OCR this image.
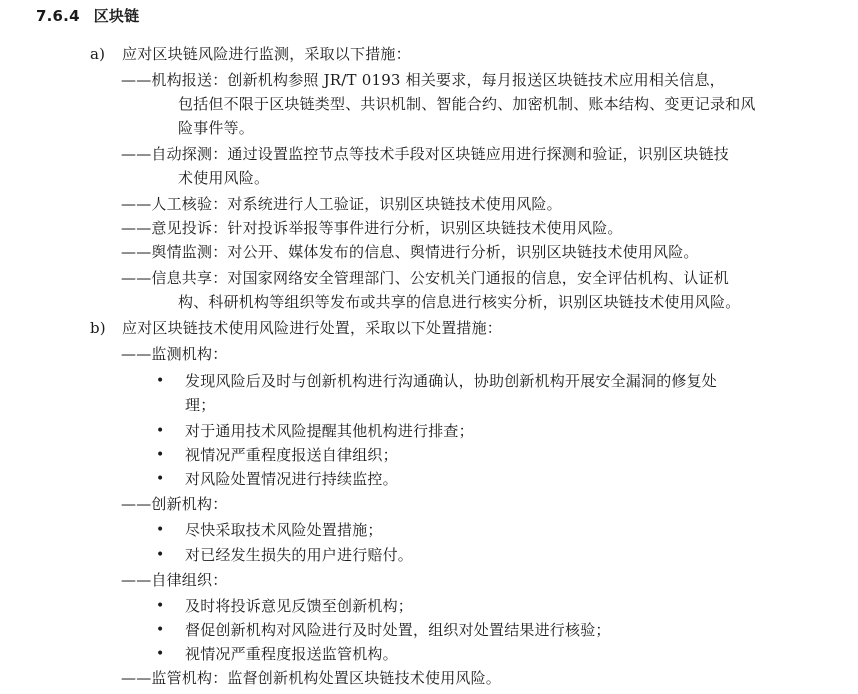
7.6.4 区块链
a) 应对区块链风险进行监测，采取以下措施：
——机构报送：创新机构参照 JR/T 0193 相关要求，每月报送区块链技术应用相关信息，
包括但不限于区块链类型、共识机制、智能合约、加密机制、账本结构、变更记录和风
险事件等。
——自动探测：通过设置监控节点等技术手段对区块链应用进行探测和验证，识别区块链技
术使用风险。
——人工核验：对系统进行人工验证，识别区块链技术使用风险。
——意见投诉：针对投诉举报等事件进行分析，识别区块链技术使用风险。
——舆情监测：对公开、媒体发布的信息、舆情进行分析，识别区块链技术使用风险。
——信息共享：对国家网络安全管理部门、公安机关门通报的信息，安全评估机构、认证机
构、科研机构等组织等发布或共享的信息进行核实分析，识别区块链技术使用风险。
b) 应对区块链技术使用风险进行处置，采取以下处置措施：
——监测机构：
• 发现风险后及时与创新机构进行沟通确认，协助创新机构开展安全漏洞的修复处
理；
• 对于通用技术风险提醒其他机构进行排查；
• 视情况严重程度报送自律组织；
• 对风险处置情况进行持续监控。
——创新机构：
• 尽快采取技术风险处置措施；
• 对已经发生损失的用户进行赔付。
——自律组织：
• 及时将投诉意见反馈至创新机构；
• 督促创新机构对风险进行及时处置，组织对处置结果进行核验；
• 视情况严重程度报送监管机构。
——监管机构：监督创新机构处置区块链技术使用风险。
